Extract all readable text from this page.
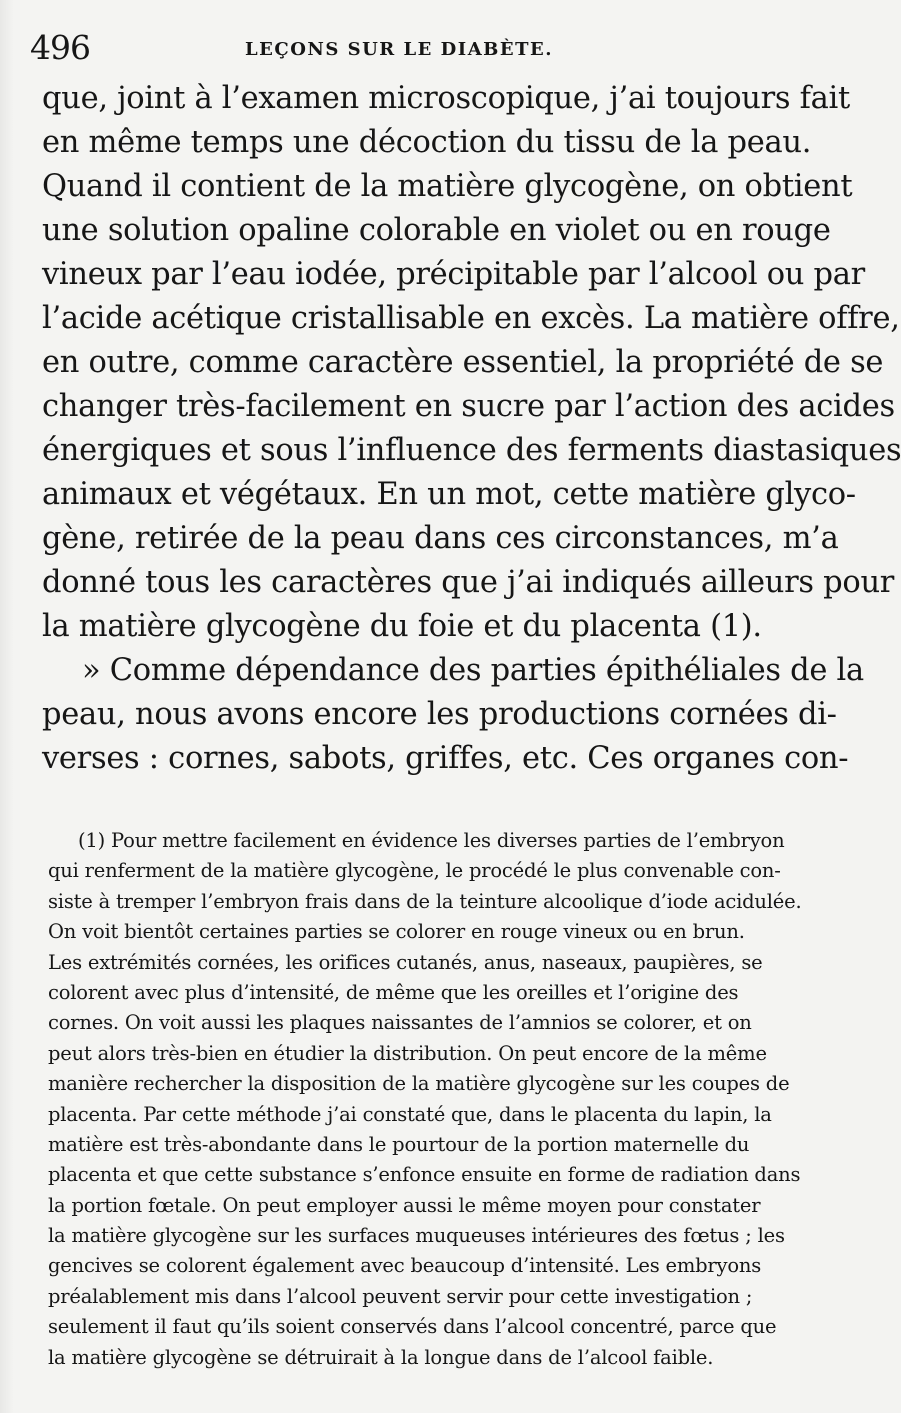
496	LEÇONS SUR LE DIABÈTE.
que, joint à l’examen microscopique, j’ai toujours fait
en même temps une décoction du tissu de la peau.
Quand il contient de la matière glycogène, on obtient
une solution opaline colorable en violet ou en rouge
vineux par l’eau iodée, précipitable par l’alcool ou par
l’acide acétique cristallisable en excès. La matière offre,
en outre, comme caractère essentiel, la propriété de se
changer très-facilement en sucre par l’action des acides
énergiques et sous l’influence des ferments diastasiques
animaux et végétaux. En un mot, cette matière glyco-
gène, retirée de la peau dans ces circonstances, m’a
donné tous les caractères que j’ai indiqués ailleurs pour
la matière glycogène du foie et du placenta (1).
» Comme dépendance des parties épithéliales de la
peau, nous avons encore les productions cornées di-
verses : cornes, sabots, griffes, etc. Ces organes con-
(1) Pour mettre facilement en évidence les diverses parties de l’embryon
qui renferment de la matière glycogène, le procédé le plus convenable con-
siste à tremper l’embryon frais dans de la teinture alcoolique d’iode acidulée.
On voit bientôt certaines parties se colorer en rouge vineux ou en brun.
Les extrémités cornées, les orifices cutanés, anus, naseaux, paupières, se
colorent avec plus d’intensité, de même que les oreilles et l’origine des
cornes. On voit aussi les plaques naissantes de l’amnios se colorer, et on
peut alors très-bien en étudier la distribution. On peut encore de la même
manière rechercher la disposition de la matière glycogène sur les coupes de
placenta. Par cette méthode j’ai constaté que, dans le placenta du lapin, la
matière est très-abondante dans le pourtour de la portion maternelle du
placenta et que cette substance s’enfonce ensuite en forme de radiation dans
la portion fœtale. On peut employer aussi le même moyen pour constater
la matière glycogène sur les surfaces muqueuses intérieures des fœtus ; les
gencives se colorent également avec beaucoup d’intensité. Les embryons
préalablement mis dans l’alcool peuvent servir pour cette investigation ;
seulement il faut qu’ils soient conservés dans l’alcool concentré, parce que
la matière glycogène se détruirait à la longue dans de l’alcool faible.
